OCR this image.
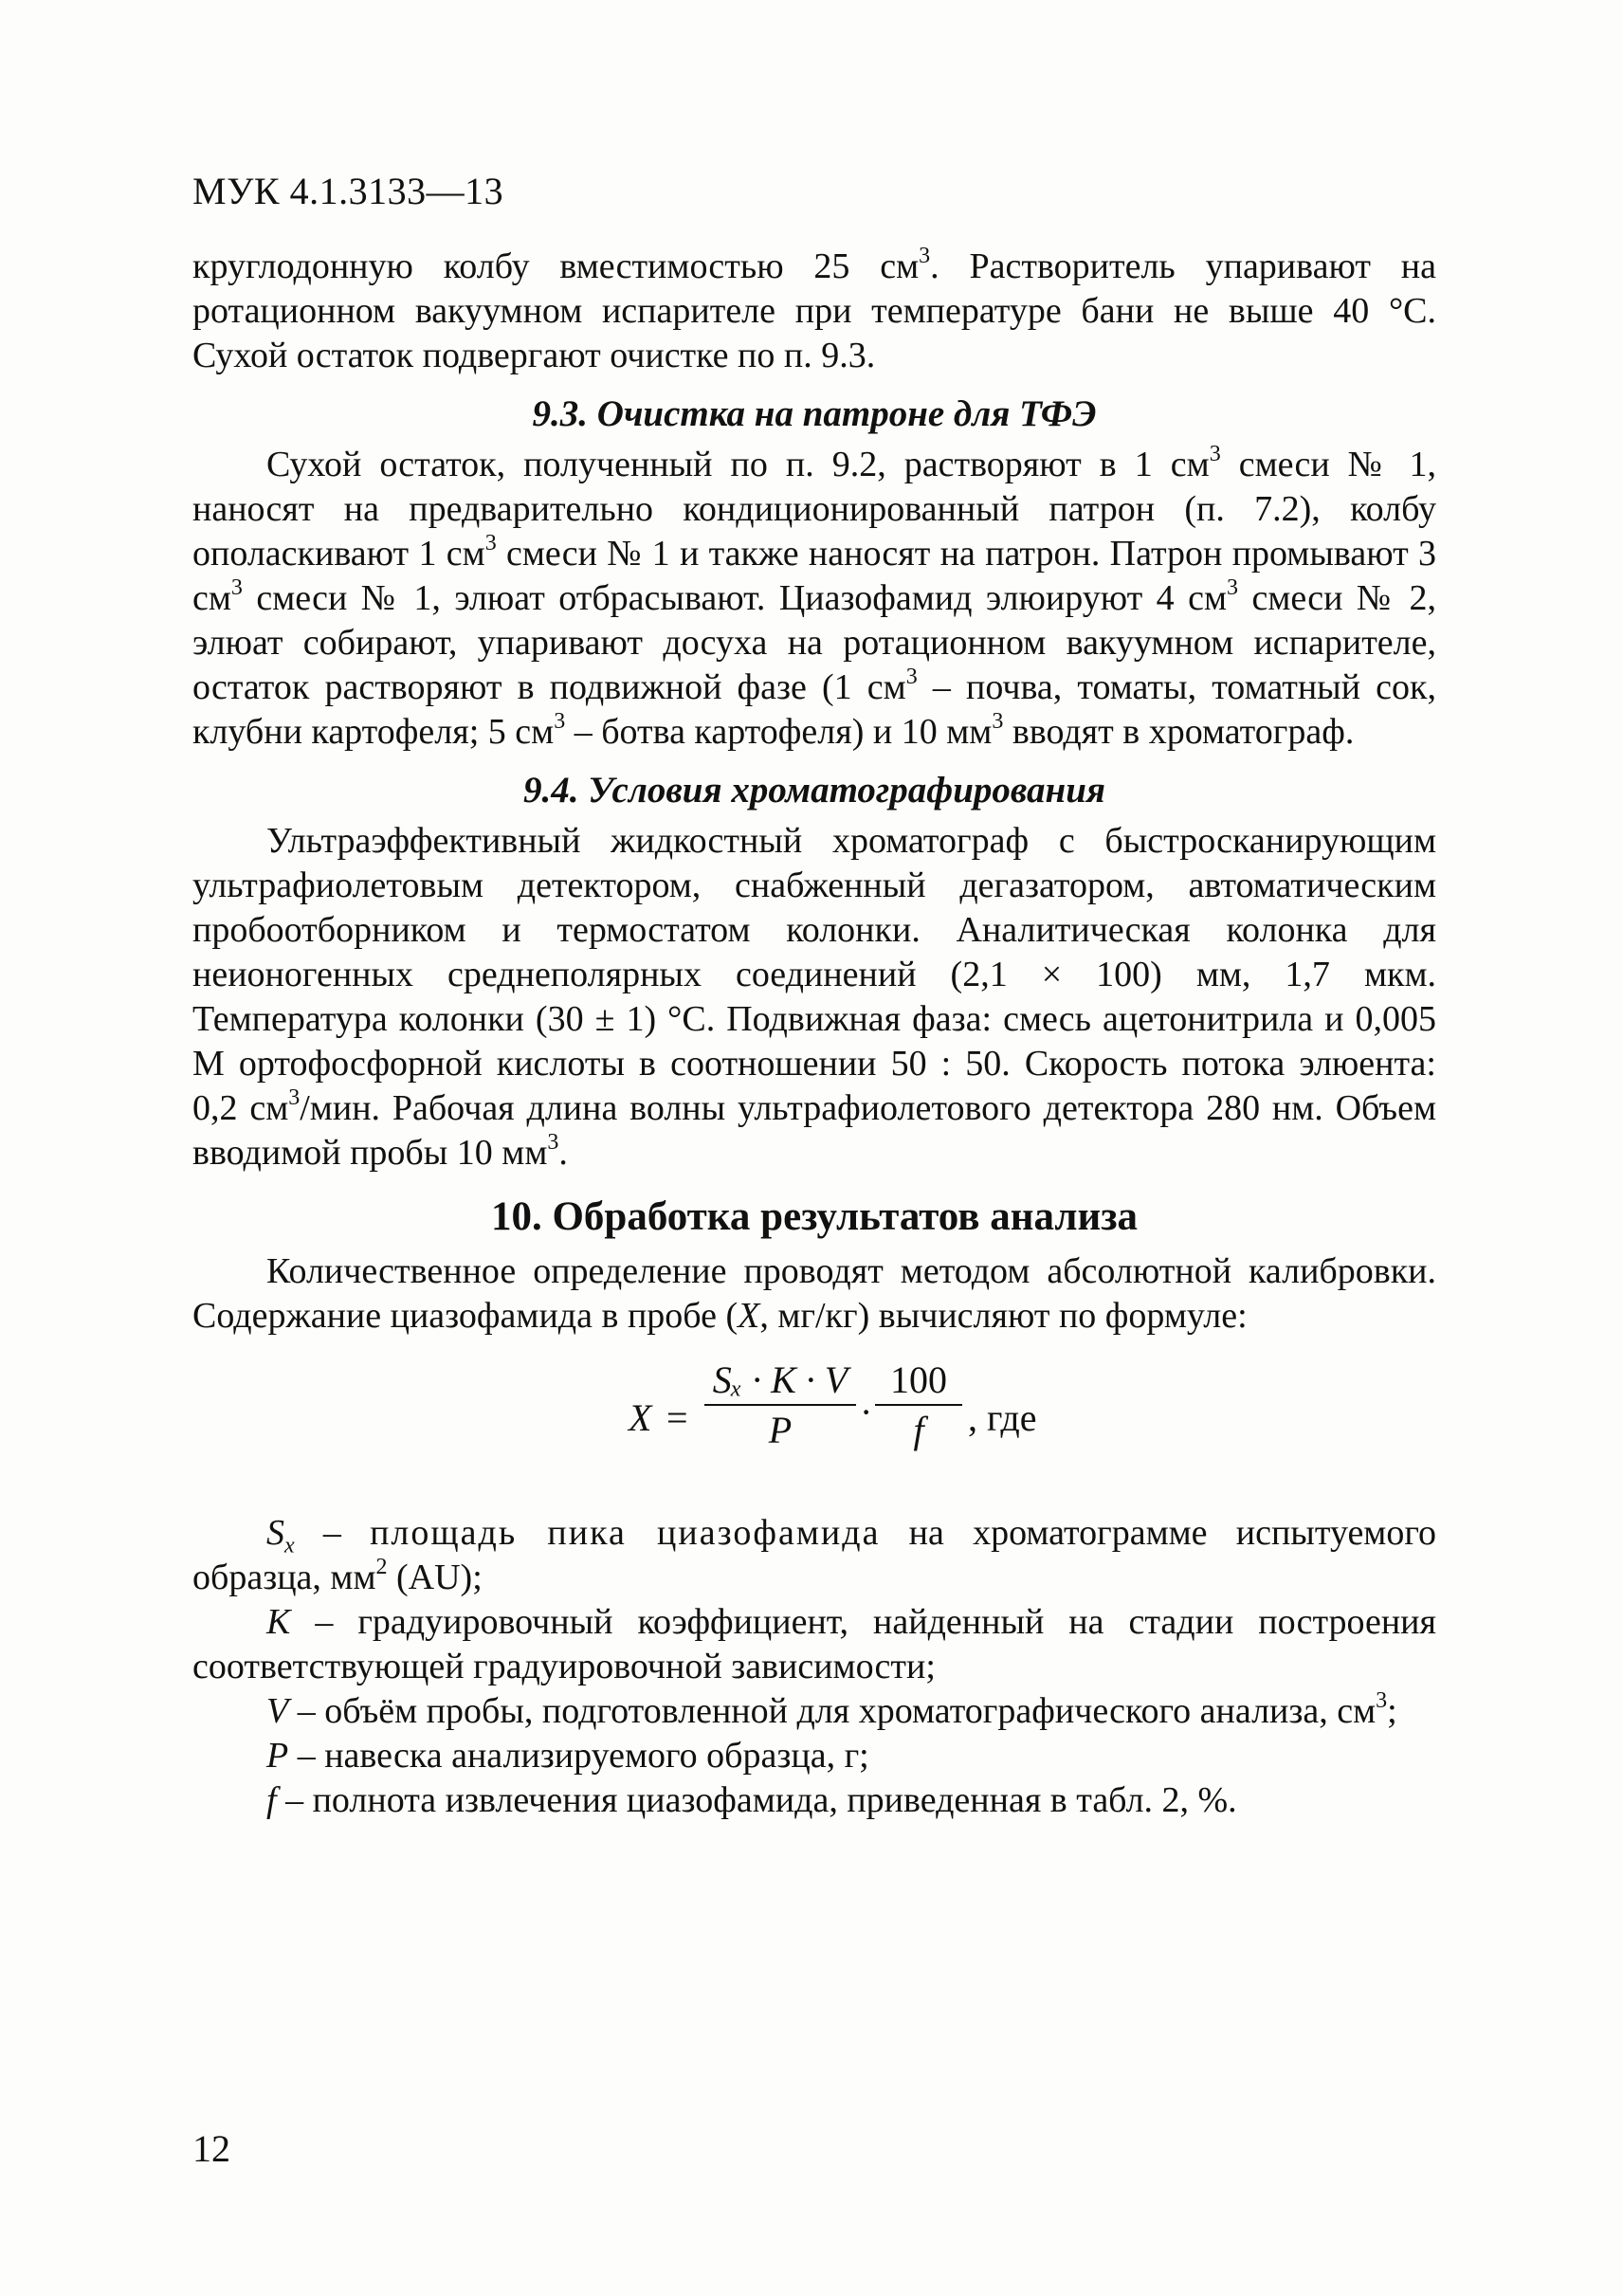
МУК 4.1.3133—13

круглодонную колбу вместимостью 25 $см^3$. Растворитель упаривают на ротационном вакуумном испарителе при температуре бани не выше 40 °С. Сухой остаток подвергают очистке по п. 9.3.

9.3. Очистка на патроне для ТФЭ

Сухой остаток, полученный по п. 9.2, растворяют в 1 $см^3$ смеси № 1, наносят на предварительно кондиционированный патрон (п. 7.2), колбу ополаскивают 1 $см^3$ смеси № 1 и также наносят на патрон. Патрон промывают 3 $см^3$ смеси № 1, элюат отбрасывают. Циазофамид элюируют 4 $см^3$ смеси № 2, элюат собирают, упаривают досуха на ротационном вакуумном испарителе, остаток растворяют в подвижной фазе (1 $см^3$ – почва, томаты, томатный сок, клубни картофеля; 5 $см^3$ – ботва картофеля) и 10 $мм^3$ вводят в хроматограф.

9.4. Условия хроматографирования

Ультраэффективный жидкостный хроматограф с быстросканирующим ультрафиолетовым детектором, снабженный дегазатором, автоматическим пробоотборником и термостатом колонки. Аналитическая колонка для неионогенных среднеполярных соединений (2,1 × 100) мм, 1,7 мкм. Температура колонки (30 ± 1) °С. Подвижная фаза: смесь ацетонитрила и 0,005 М ортофосфорной кислоты в соотношении 50 : 50. Скорость потока элюента: 0,2 $см^3$/мин. Рабочая длина волны ультрафиолетового детектора 280 нм. Объем вводимой пробы 10 $мм^3$.

10. Обработка результатов анализа

Количественное определение проводят методом абсолютной калибровки. Содержание циазофамида в пробе (X, мг/кг) вычисляют по формуле:

X =
Sₓ · K · V
P	·
100
f	, где

$S_x$ – площадь пика циазофамида на хроматограмме испытуемого образца, $мм^2$ (AU);

K – градуировочный коэффициент, найденный на стадии построения соответствующей градуировочной зависимости;

V – объём пробы, подготовленной для хроматографического анализа, $см^3$;

P – навеска анализируемого образца, г;

f – полнота извлечения циазофамида, приведенная в табл. 2, %.

12
